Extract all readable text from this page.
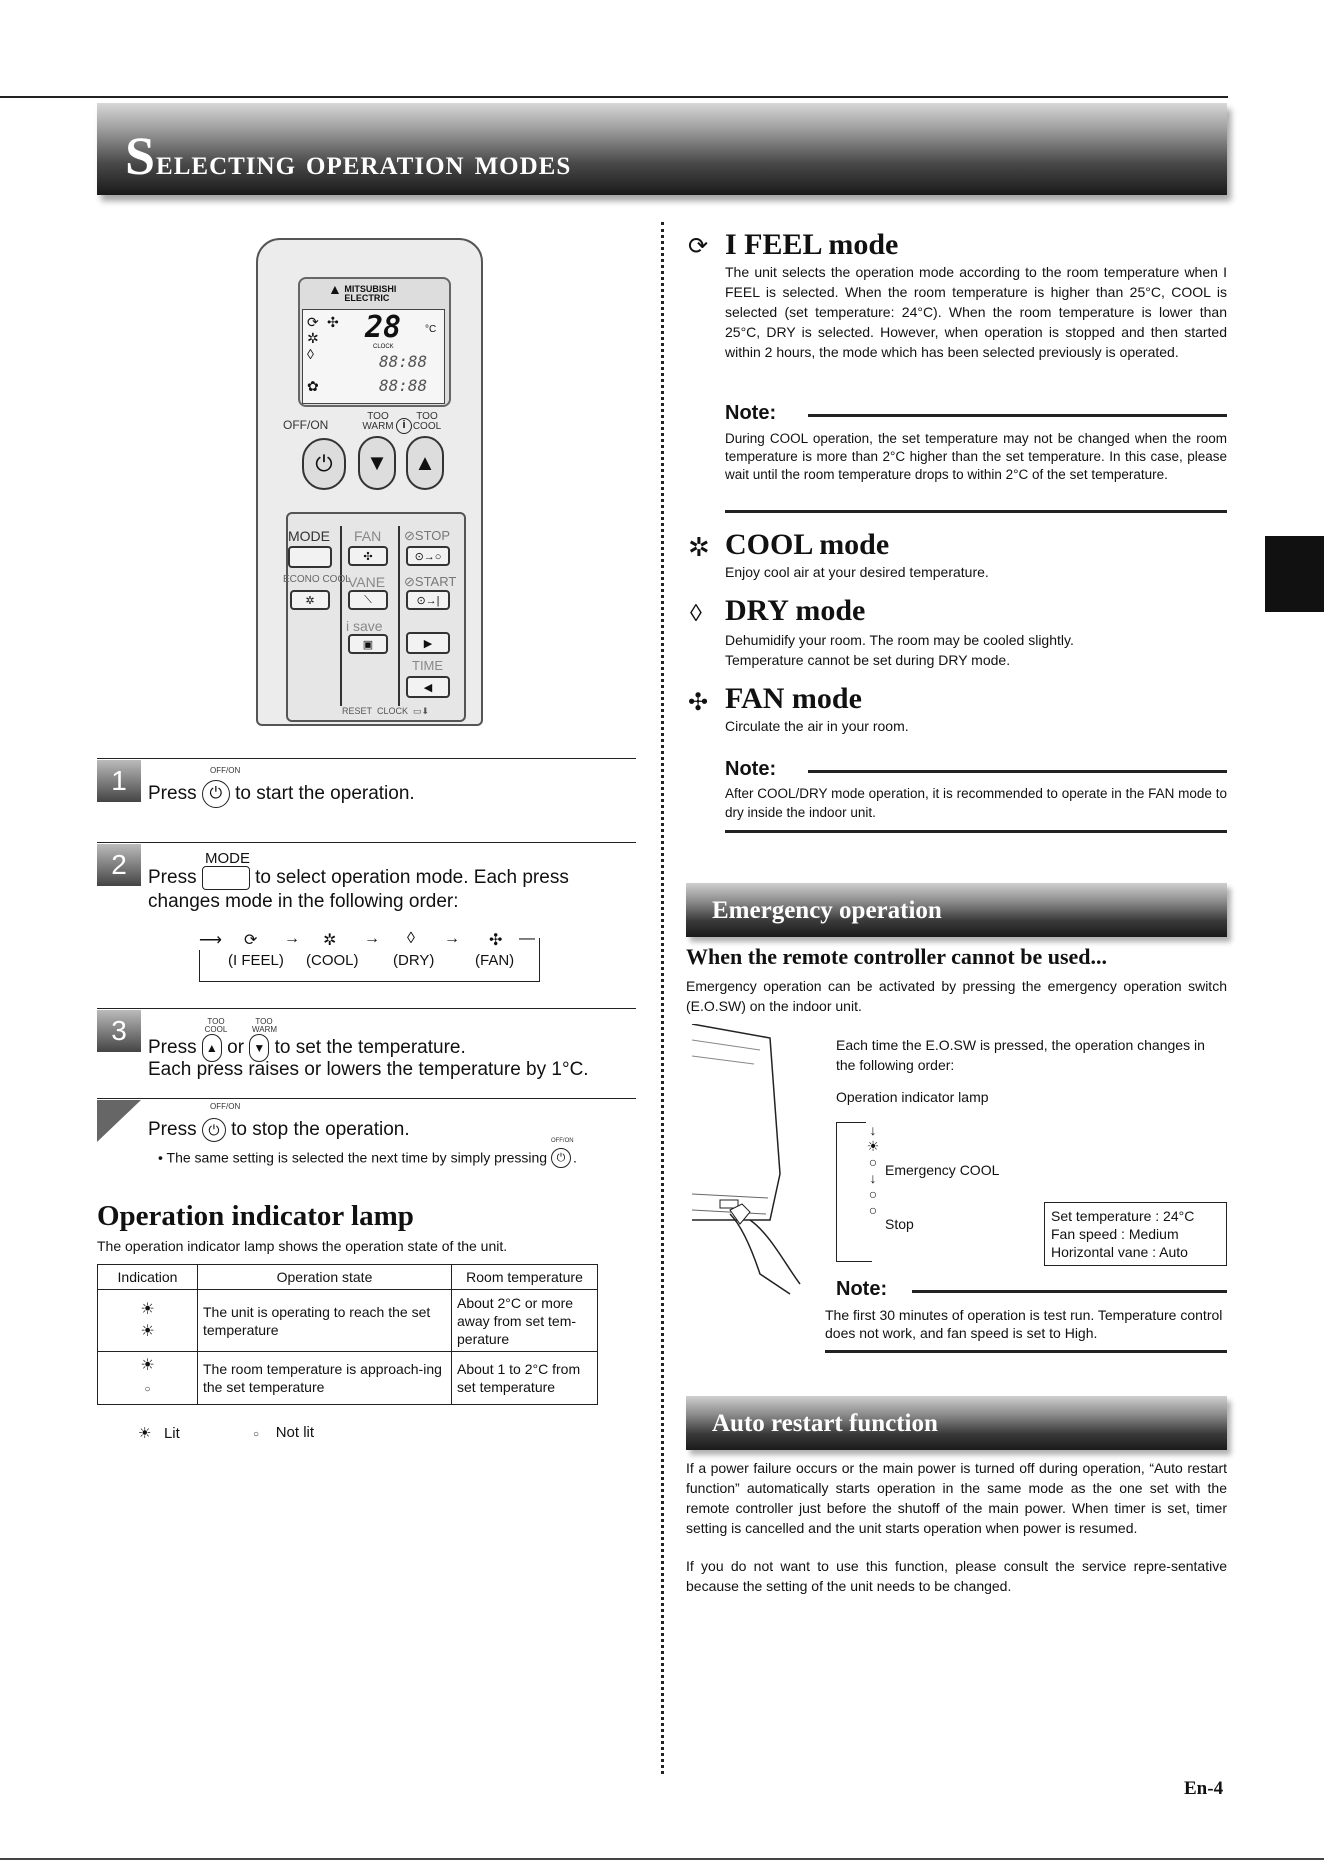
Selecting operation modes
▲ MITSUBISHI ELECTRIC
⟳
✲
◊

✿
✣ 28 °C
CLOCK
88:88
88:88
OFF/ON
TOO WARM i
TOO COOL
⏻ ▼ ▲
MODE FAN
✣
⊘STOP
⊙→○
ECONO COOL
✲
VANE
⟍
⊘START
⊙→|
i save
▣	▶
TIME
◀
RESET CLOCK  ▭⬇
1	OFF/ON
Press ⏻ to start the operation.
2	MODE
Press	to select operation mode. Each press
changes mode in the following order:
⟶ ⟳ → ✲ → ◊ → ✣ —
(I FEEL) (COOL) (DRY)	(FAN)
3	TOO COOL
TOO WARM
Press ▲ or ▼ to set the temperature.
Each press raises or lowers the temperature by 1°C.
OFF/ON
Press ⏻ to stop the operation.
• The same setting is selected the next time by simply pressing
OFF/ON
⏻ .
Operation indicator lamp
The operation indicator lamp shows the operation state of the unit.
Indication	Operation state	Room temperature
☀
☀	The unit is operating to reach the set temperature	About 2°C or more away from set tem-perature
☀
○	The room temperature is approach-ing the set temperature	About 1 to 2°C from set temperature
☀ Lit	○ Not lit
⟳ I FEEL mode
The unit selects the operation mode according to the room temperature when I FEEL is selected. When the room temperature is higher than 25°C, COOL is selected (set temperature: 24°C). When the room temperature is lower than 25°C, DRY is selected. However, when operation is stopped and then started within 2 hours, the mode which has been selected previously is operated.
Note:
During COOL operation, the set temperature may not be changed when the room temperature is more than 2°C higher than the set temperature. In this case, please wait until the room temperature drops to within 2°C of the set temperature.
✲ COOL mode
Enjoy cool air at your desired temperature.
◊ DRY mode
Dehumidify your room. The room may be cooled slightly.
Temperature cannot be set during DRY mode.
✣ FAN mode
Circulate the air in your room.
Note:
After COOL/DRY mode operation, it is recommended to operate in the FAN mode to dry inside the indoor unit.
Emergency operation
When the remote controller cannot be used...
Emergency operation can be activated by pressing the emergency operation switch (E.O.SW) on the indoor unit.
Each time the E.O.SW is pressed, the operation changes in the following order:
Operation indicator lamp
↓
☀
○
↓
○
○
Emergency COOL
Stop	Set temperature : 24°C
Fan speed : Medium
Horizontal vane : Auto
Note:
The first 30 minutes of operation is test run. Temperature control does not work, and fan speed is set to High.
Auto restart function
If a power failure occurs or the main power is turned off during operation, “Auto restart function” automatically starts operation in the same mode as the one set with the remote controller just before the shutoff of the main power. When timer is set, timer setting is cancelled and the unit starts operation when power is resumed.
If you do not want to use this function, please consult the service repre-sentative because the setting of the unit needs to be changed.
En-4
